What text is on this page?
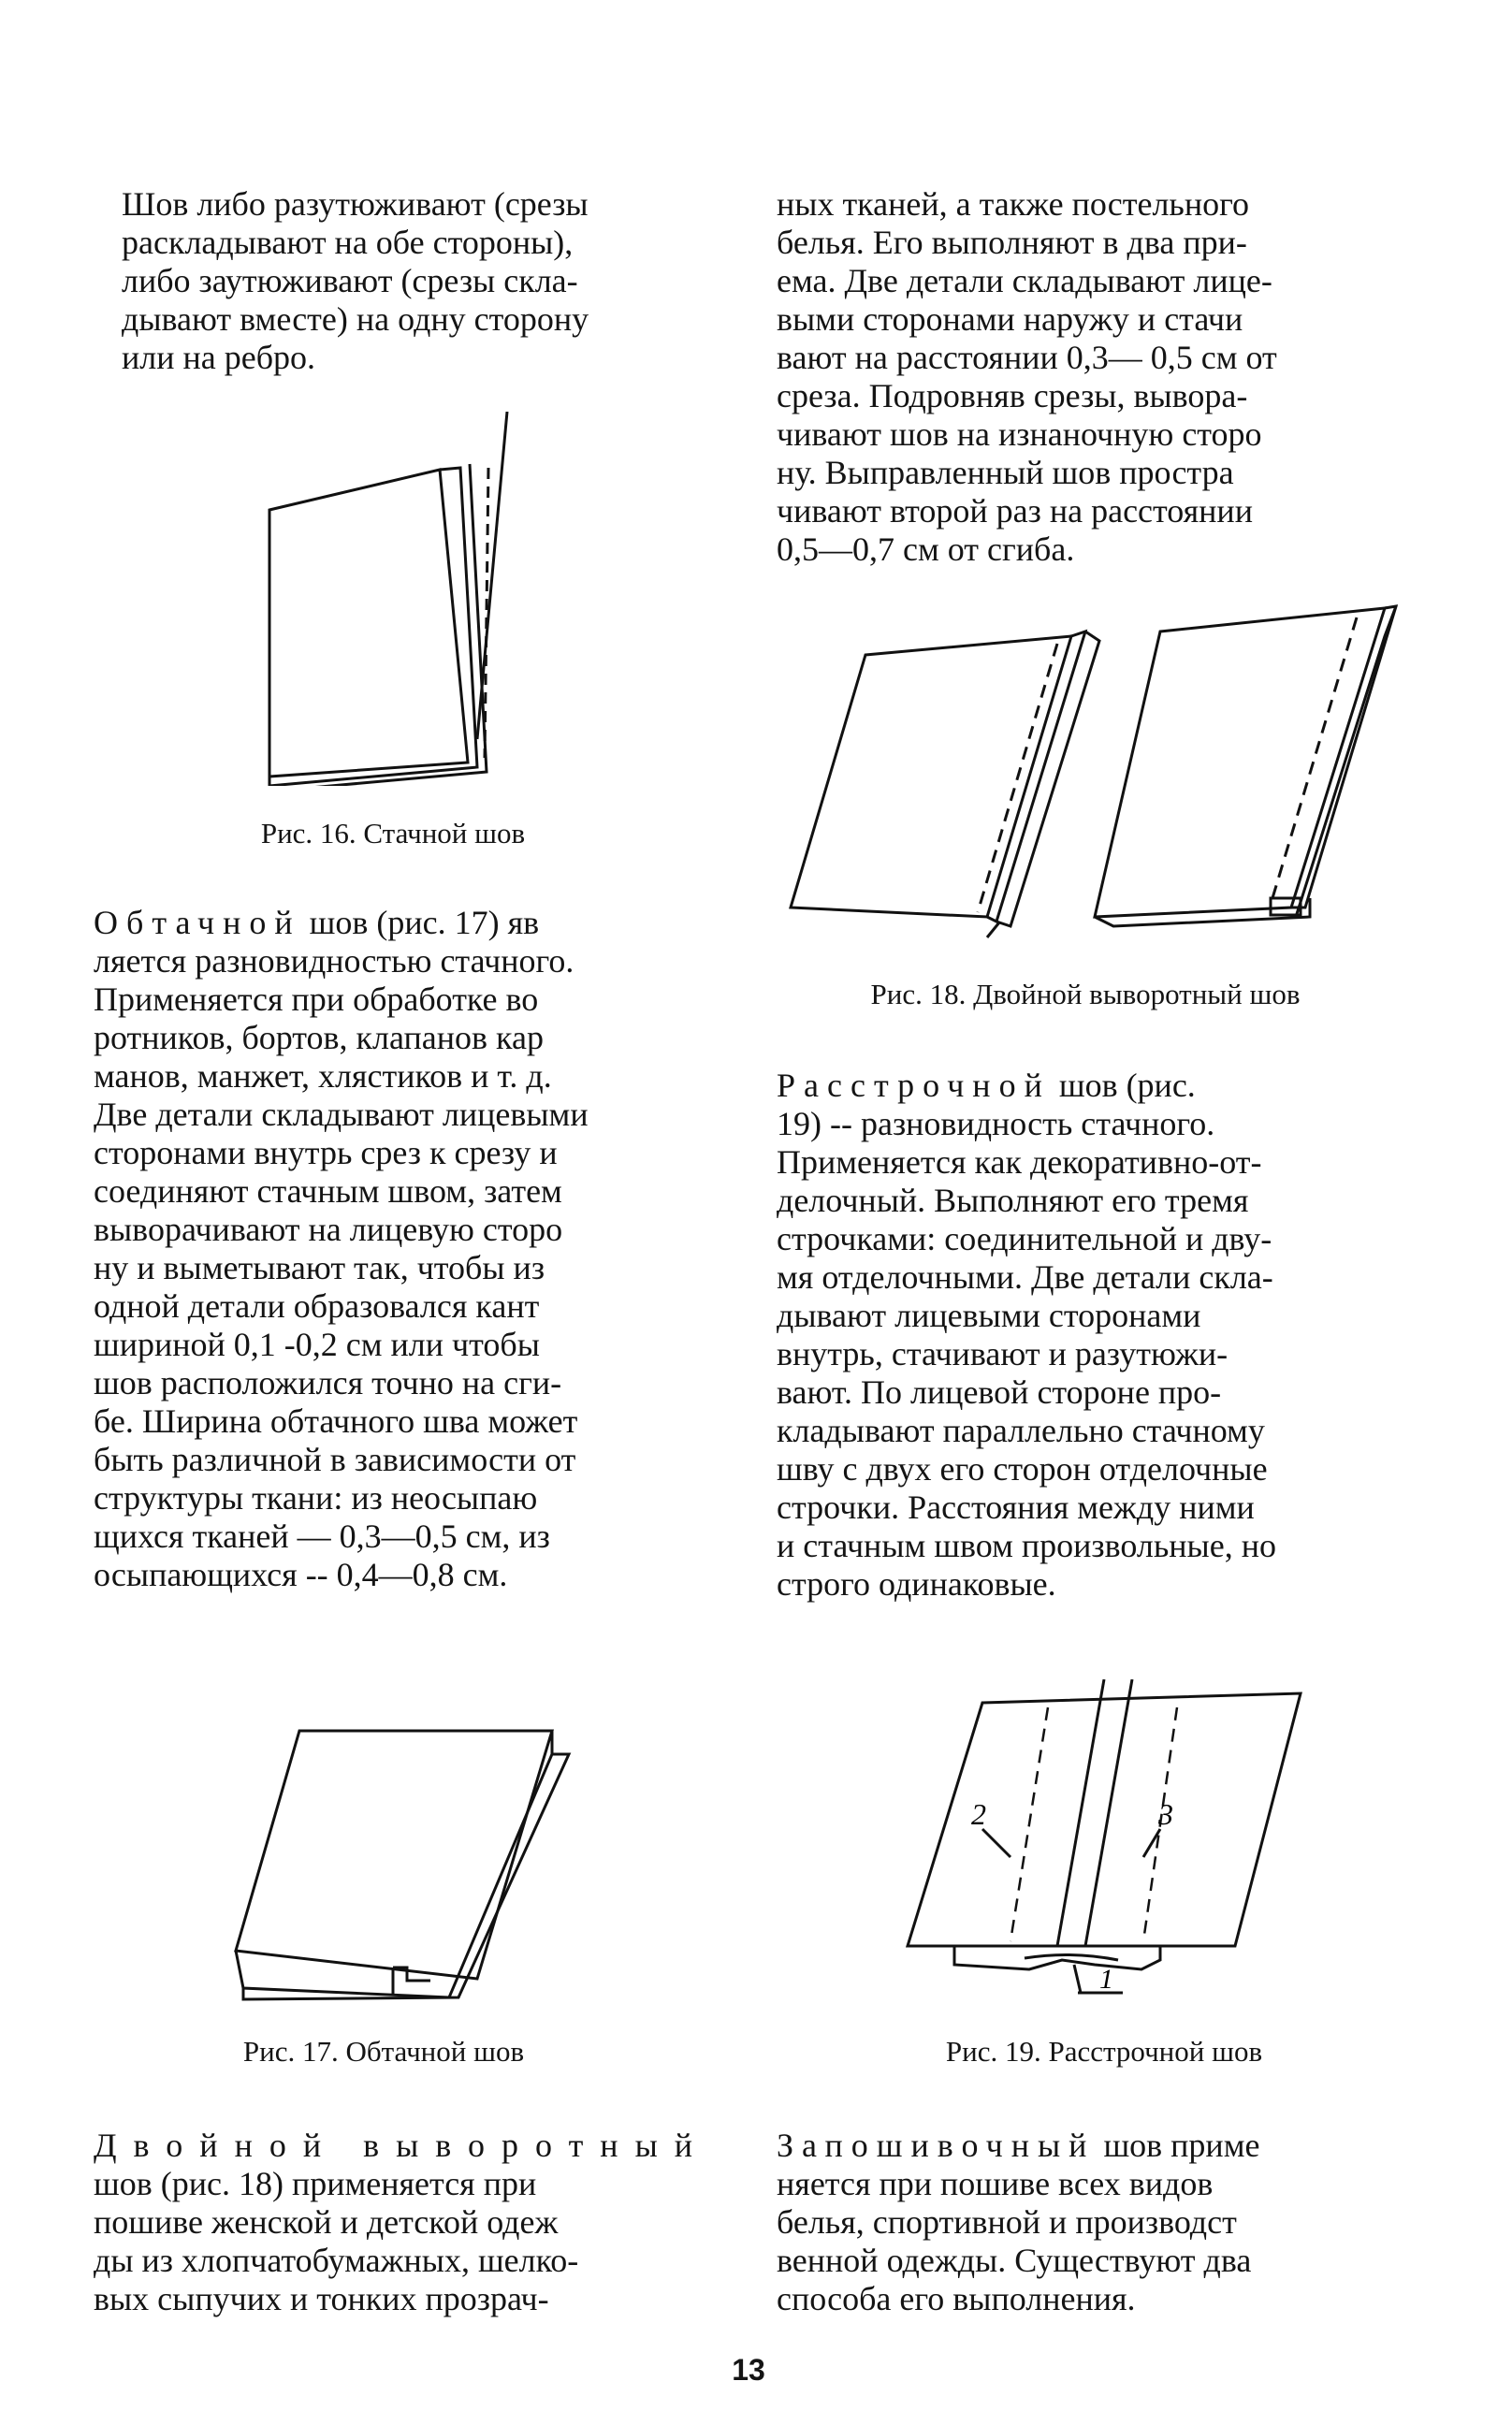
Шов либо разутюживают (срезы
раскладывают на обе стороны),
либо заутюживают (срезы скла-
дывают вместе) на одну сторону
или на ребро.

Рис. 16. Стачной шов

Обтачной шов (рис. 17) яв
ляется разновидностью стачного.
Применяется при обработке во
ротников, бортов, клапанов кар
манов, манжет, хлястиков и т. д.
Две детали складывают лицевыми
сторонами внутрь срез к срезу и
соединяют стачным швом, затем
выворачивают на лицевую сторо
ну и выметывают так, чтобы из
одной детали образовался кант
шириной 0,1 -0,2 см или чтобы
шов расположился точно на сги-
бе. Ширина обтачного шва может
быть различной в зависимости от
структуры ткани: из неосыпаю
щихся тканей — 0,3—0,5 см, из
осыпающихся -- 0,4—0,8 см.

Рис. 17. Обтачной шов

Двойной выворотный
шов (рис. 18) применяется при
пошиве женской и детской одеж
ды из хлопчатобумажных, шелко-
вых сыпучих и тонких прозрач-

ных тканей, а также постельного
белья. Его выполняют в два при-
ема. Две детали складывают лице-
выми сторонами наружу и стачи
вают на расстоянии 0,3— 0,5 см от
среза. Подровняв срезы, вывора-
чивают шов на изнаночную сторо
ну. Выправленный шов простра
чивают второй раз на расстоянии
0,5—0,7 см от сгиба.

Рис. 18. Двойной выворотный шов

Расстрочной шов (рис.
19) -- разновидность стачного.
Применяется как декоративно-от-
делочный. Выполняют его тремя
строчками: соединительной и дву-
мя отделочными. Две детали скла-
дывают лицевыми сторонами
внутрь, стачивают и разутюжи-
вают. По лицевой стороне про-
кладывают параллельно стачному
шву с двух его сторон отделочные
строчки. Расстояния между ними
и стачным швом произвольные, но
строго одинаковые.

2	3
1
Рис. 19. Расстрочной шов

Запошивочный шов приме
няется при пошиве всех видов
белья, спортивной и производст
венной одежды. Существуют два
способа его выполнения.

13
